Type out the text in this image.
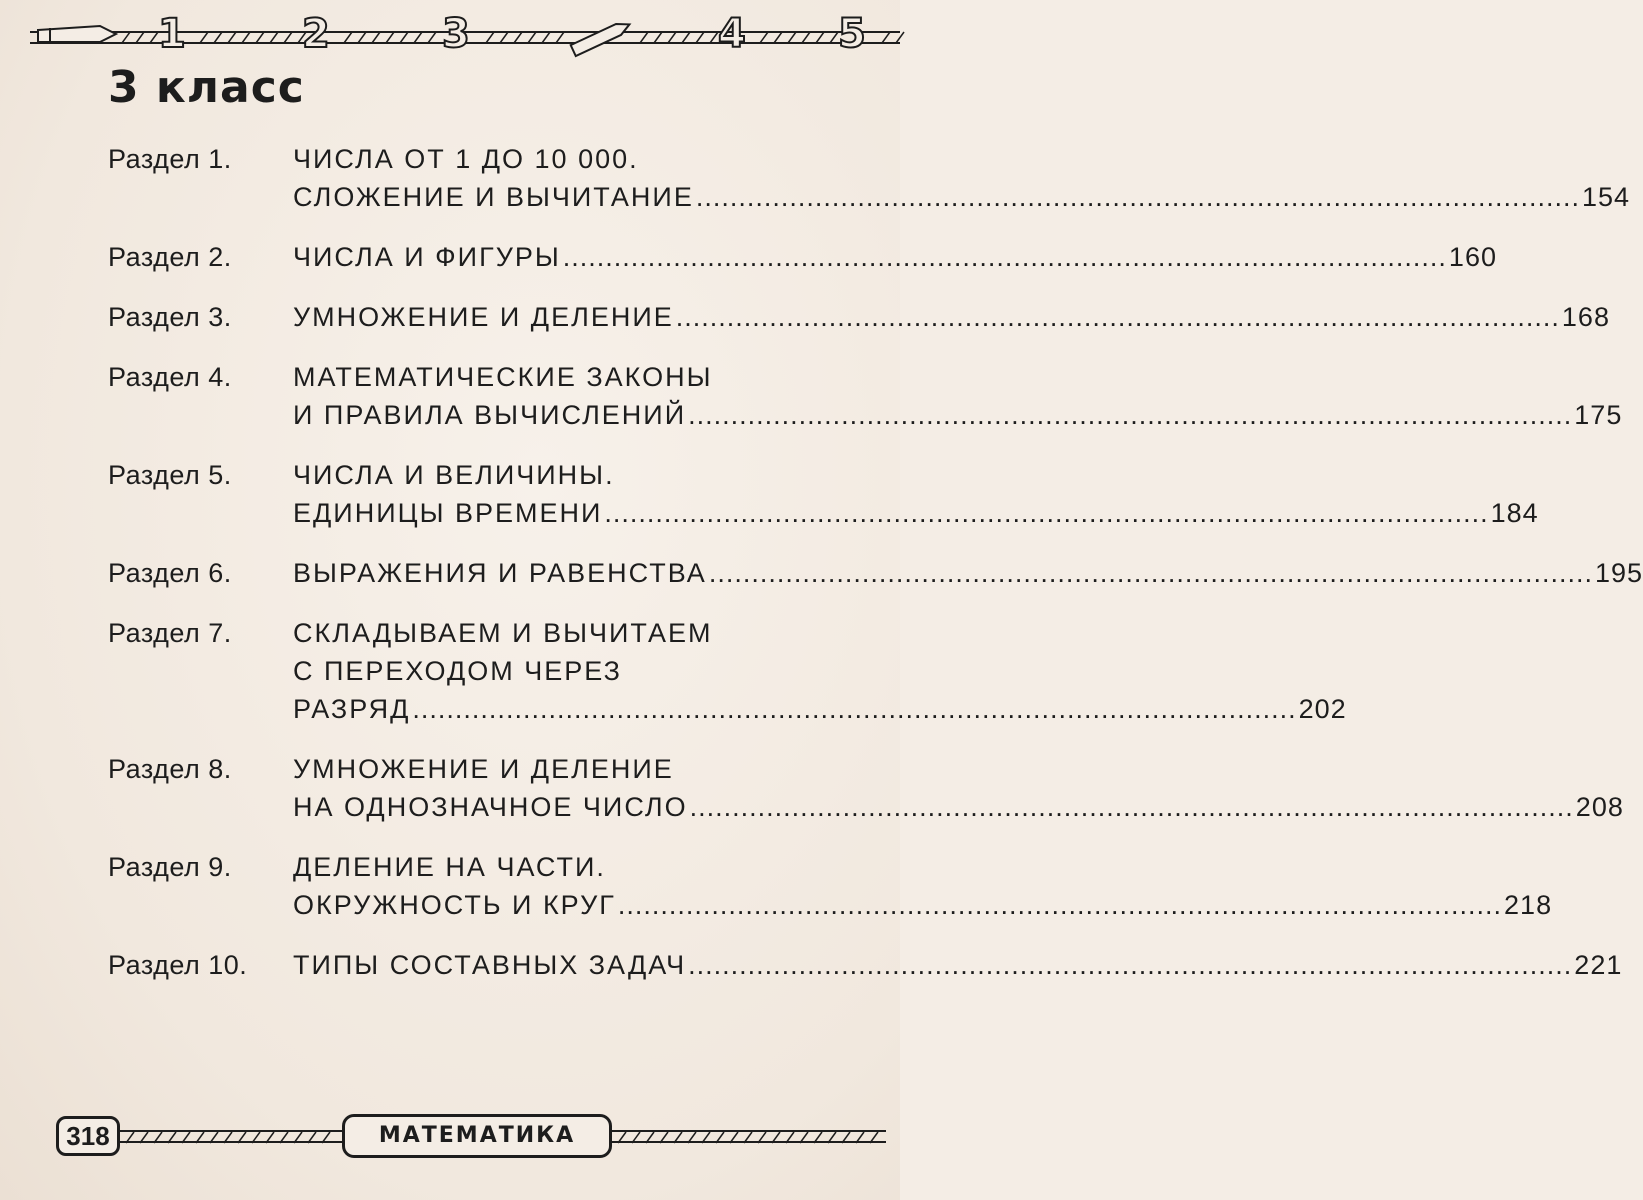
1	2	3	4 5
3 класс
Раздел 1.	ЧИСЛА ОТ 1 ДО 10 000.
СЛОЖЕНИЕ И ВЫЧИТАНИЕ .....	154
Раздел 2.	ЧИСЛА И ФИГУРЫ .....	160
Раздел 3.	УМНОЖЕНИЕ И ДЕЛЕНИЕ .....	168
Раздел 4.	МАТЕМАТИЧЕСКИЕ ЗАКОНЫ
И ПРАВИЛА ВЫЧИСЛЕНИЙ .....	175
Раздел 5.	ЧИСЛА И ВЕЛИЧИНЫ.
ЕДИНИЦЫ ВРЕМЕНИ .....	184
Раздел 6.	ВЫРАЖЕНИЯ И РАВЕНСТВА .....	195
Раздел 7.	СКЛАДЫВАЕМ И ВЫЧИТАЕМ
С ПЕРЕХОДОМ ЧЕРЕЗ
РАЗРЯД .....	202
Раздел 8.	УМНОЖЕНИЕ И ДЕЛЕНИЕ
НА ОДНОЗНАЧНОЕ ЧИСЛО .....	208
Раздел 9.	ДЕЛЕНИЕ НА ЧАСТИ.
ОКРУЖНОСТЬ И КРУГ .....	218
Раздел 10.	ТИПЫ СОСТАВНЫХ ЗАДАЧ .....	221
318	МАТЕМАТИКА
